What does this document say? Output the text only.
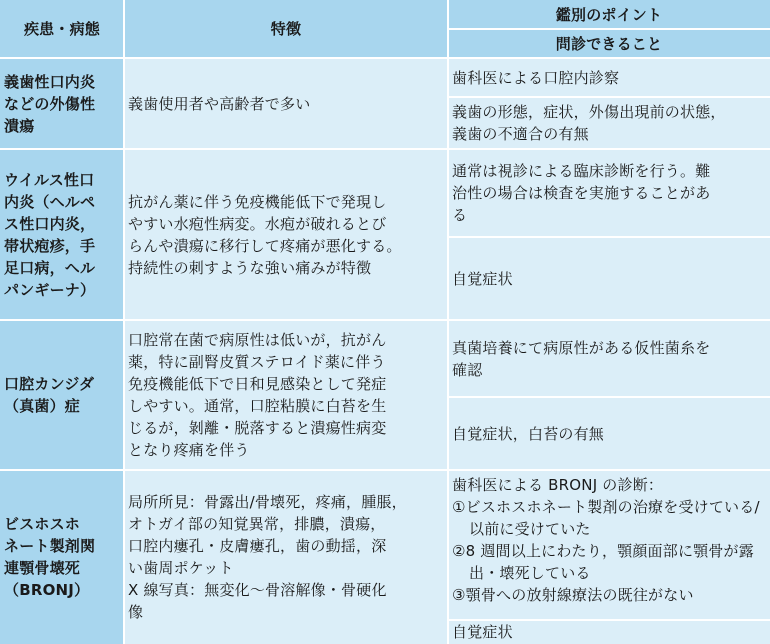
疾患・病態	特徴
鑑別のポイント
問診できること
義歯性口内炎
などの外傷性
潰瘍
義歯使用者や高齢者で多い
歯科医による口腔内診察
義歯の形態，症状，外傷出現前の状態，
義歯の不適合の有無
ウイルス性口
内炎（ヘルペ
ス性口内炎，
帯状疱疹，手
足口病，ヘル
パンギーナ）
抗がん薬に伴う免疫機能低下で発現し
やすい水疱性病変。水疱が破れるとび
らんや潰瘍に移行して疼痛が悪化する。
持続性の刺すような強い痛みが特徴
通常は視診による臨床診断を行う。難
治性の場合は検査を実施することがあ
る
自覚症状
口腔カンジダ
（真菌）症
口腔常在菌で病原性は低いが，抗がん
薬，特に副腎皮質ステロイド薬に伴う
免疫機能低下で日和見感染として発症
しやすい。通常，口腔粘膜に白苔を生
じるが，剝離・脱落すると潰瘍性病変
となり疼痛を伴う
真菌培養にて病原性がある仮性菌糸を
確認
自覚症状，白苔の有無
ビスホスホ
ネート製剤関
連顎骨壊死
（BRONJ）
局所所見：骨露出/骨壊死，疼痛，腫脹，
オトガイ部の知覚異常，排膿，潰瘍，
口腔内瘻孔・皮膚瘻孔，歯の動揺，深
い歯周ポケット
X 線写真：無変化〜骨溶解像・骨硬化
像
歯科医による BRONJ の診断：
①ビスホスホネート製剤の治療を受けている/以前に受けていた
②8 週間以上にわたり，顎顔面部に顎骨が露出・壊死している
③顎骨への放射線療法の既往がない
自覚症状
